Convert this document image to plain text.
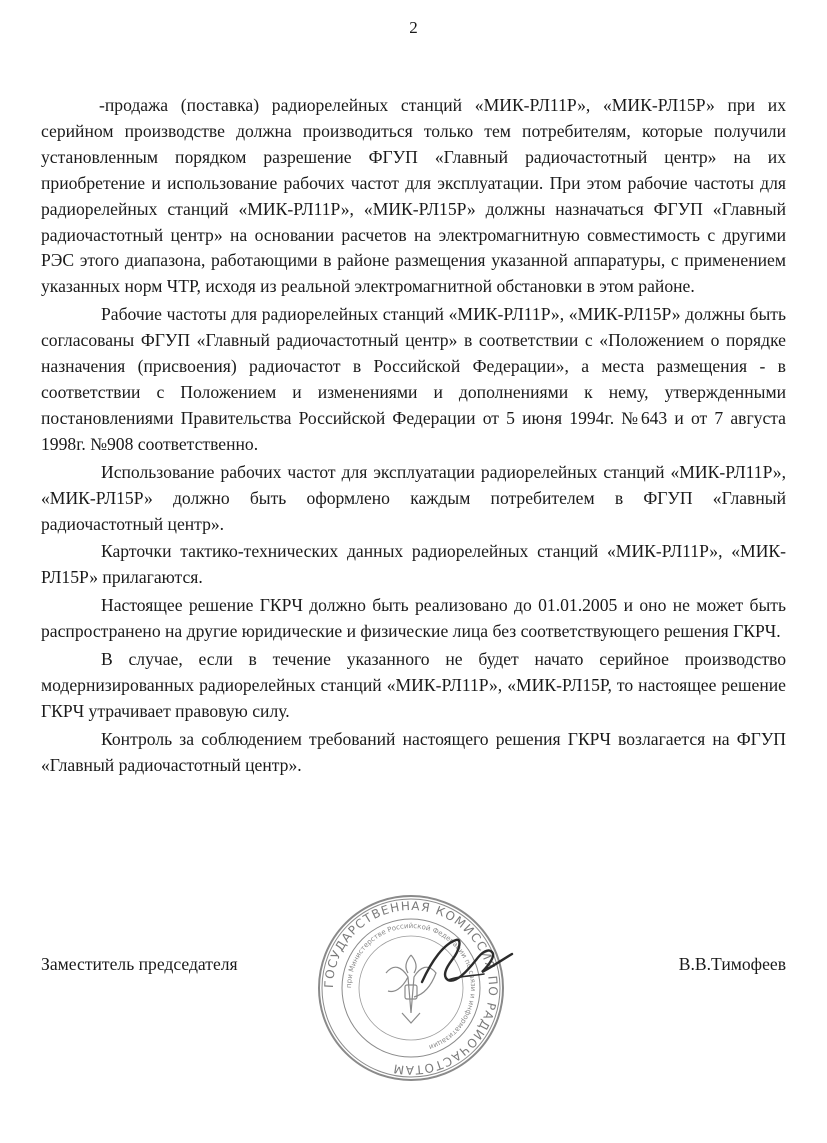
2

-продажа (поставка) радиорелейных станций «МИК-РЛ11Р», «МИК-РЛ15Р» при их серийном производстве должна производиться только тем потребителям, которые получили установленным порядком разрешение ФГУП «Главный радиочастотный центр» на их приобретение и использование рабочих частот для эксплуатации. При этом рабочие частоты для радиорелейных станций «МИК-РЛ11Р», «МИК-РЛ15Р» должны назначаться ФГУП «Главный радиочастотный центр» на основании расчетов на электромагнитную совместимость с другими РЭС этого диапазона, работающими в районе размещения указанной аппаратуры, с применением указанных норм ЧТР, исходя из реальной электромагнитной обстановки в этом районе.

Рабочие частоты для радиорелейных станций «МИК-РЛ11Р», «МИК-РЛ15Р» должны быть согласованы ФГУП «Главный радиочастотный центр» в соответствии с «Положением о порядке назначения (присвоения) радиочастот в Российской Федерации», а места размещения - в соответствии с Положением и изменениями и дополнениями к нему, утвержденными постановлениями Правительства Российской Федерации от 5 июня 1994г. №643 и от 7 августа 1998г. №908 соответственно.

Использование рабочих частот для эксплуатации радиорелейных станций «МИК-РЛ11Р», «МИК-РЛ15Р» должно быть оформлено каждым потребителем в ФГУП «Главный радиочастотный центр».

Карточки тактико-технических данных радиорелейных станций «МИК-РЛ11Р», «МИК-РЛ15Р» прилагаются.

Настоящее решение ГКРЧ должно быть реализовано до 01.01.2005 и оно не может быть распространено на другие юридические и физические лица без соответствующего решения ГКРЧ.

В случае, если в течение указанного не будет начато серийное производство модернизированных радиорелейных станций «МИК-РЛ11Р», «МИК-РЛ15Р, то настоящее решение ГКРЧ утрачивает правовую силу.

Контроль за соблюдением требований настоящего решения ГКРЧ возлагается на ФГУП «Главный радиочастотный центр».

ГОСУДАРСТВЕННАЯ КОМИССИЯ ПО РАДИОЧАСТОТАМ
при Министерстве Российской Федерации по связи и информатизации
Заместитель председателя	В.В.Тимофеев
